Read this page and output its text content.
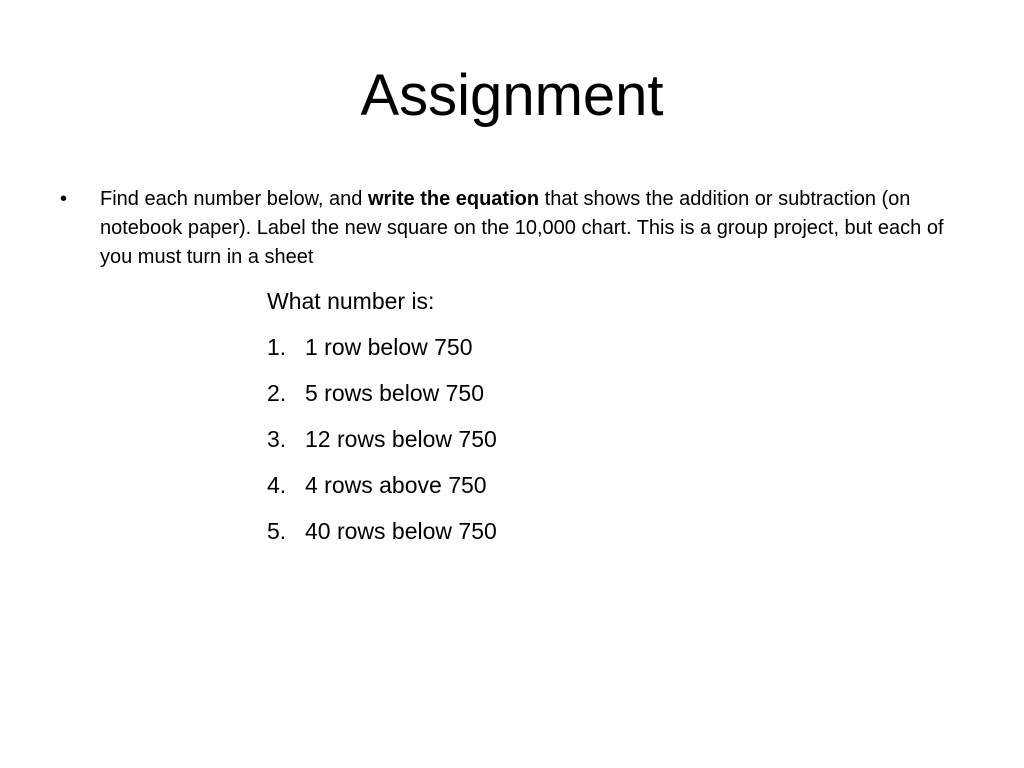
Assignment
•	Find each number below, and write the equation that shows the addition or subtraction (on notebook paper). Label the new square on the 10,000 chart. This is a group project, but each of you must turn in a sheet
What number is:
1. 1 row below 750
2. 5 rows below 750
3. 12 rows below 750
4. 4 rows above 750
5. 40 rows below 750
